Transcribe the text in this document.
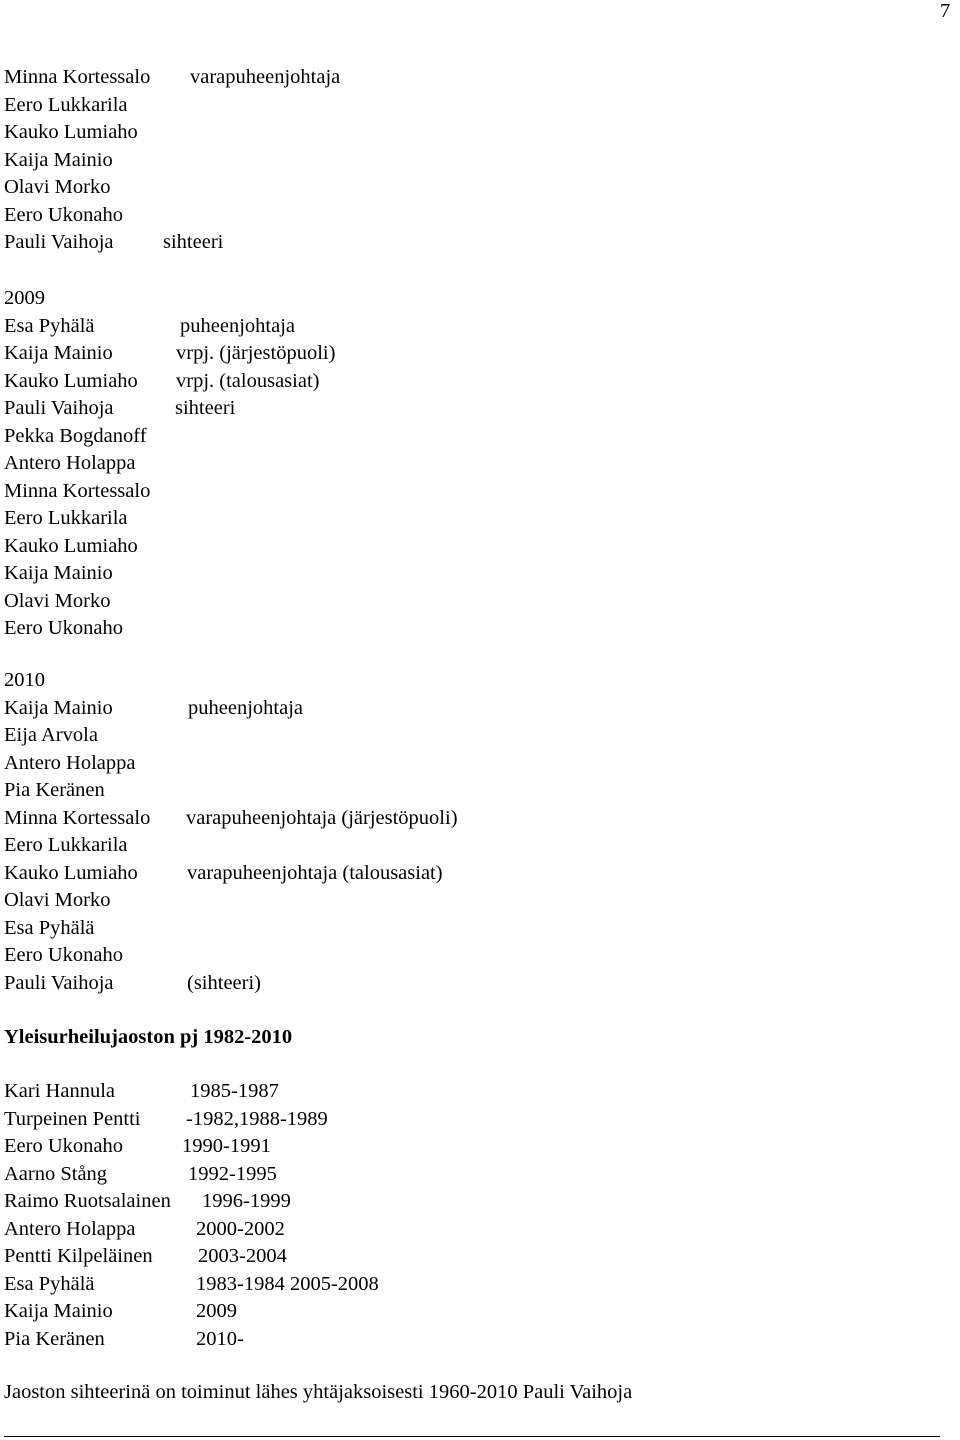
7
Minna Kortessalo varapuheenjohtaja
Eero Lukkarila
Kauko Lumiaho
Kaija Mainio
Olavi Morko
Eero Ukonaho
Pauli Vaihoja sihteeri
2009
Esa Pyhälä	puheenjohtaja
Kaija Mainio	vrpj. (järjestöpuoli)
Kauko Lumiaho vrpj. (talousasiat)
Pauli Vaihoja	sihteeri
Pekka Bogdanoff
Antero Holappa
Minna Kortessalo
Eero Lukkarila
Kauko Lumiaho
Kaija Mainio
Olavi Morko
Eero Ukonaho
2010
Kaija Mainio	puheenjohtaja
Eija Arvola
Antero Holappa
Pia Keränen
Minna Kortessalo varapuheenjohtaja (järjestöpuoli)
Eero Lukkarila
Kauko Lumiaho varapuheenjohtaja (talousasiat)
Olavi Morko
Esa Pyhälä
Eero Ukonaho
Pauli Vaihoja	(sihteeri)
Yleisurheilujaoston pj 1982-2010
Kari Hannula	1985-1987
Turpeinen Pentti -1982,1988-1989
Eero Ukonaho	1990-1991
Aarno Stång	1992-1995
Raimo Ruotsalainen 1996-1999
Antero Holappa	2000-2002
Pentti Kilpeläinen 2003-2004
Esa Pyhälä	1983-1984 2005-2008
Kaija Mainio	2009
Pia Keränen	2010-
Jaoston sihteerinä on toiminut lähes yhtäjaksoisesti 1960-2010 Pauli Vaihoja
